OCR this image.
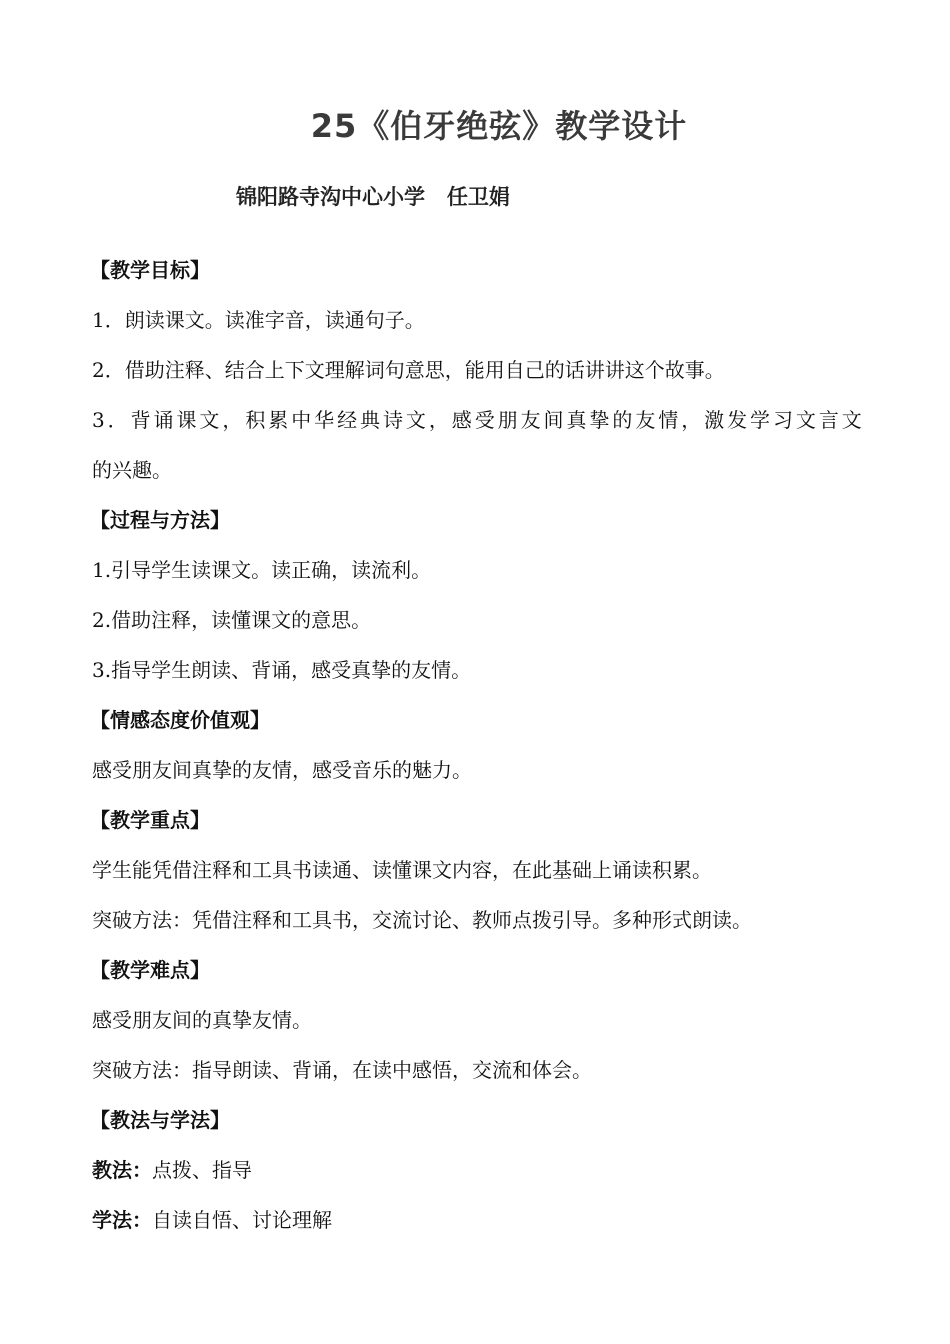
25《伯牙绝弦》教学设计
锦阳路寺沟中心小学   任卫娟
【教学目标】
1．朗读课文。读准字音，读通句子。
2．借助注释、结合上下文理解词句意思，能用自己的话讲讲这个故事。
3．背诵课文，积累中华经典诗文，感受朋友间真挚的友情，激发学习文言文
的兴趣。
【过程与方法】
1.引导学生读课文。读正确，读流利。
2.借助注释，读懂课文的意思。
3.指导学生朗读、背诵，感受真挚的友情。
【情感态度价值观】
感受朋友间真挚的友情，感受音乐的魅力。
【教学重点】
学生能凭借注释和工具书读通、读懂课文内容，在此基础上诵读积累。
突破方法：凭借注释和工具书，交流讨论、教师点拨引导。多种形式朗读。
【教学难点】
感受朋友间的真挚友情。
突破方法：指导朗读、背诵，在读中感悟，交流和体会。
【教法与学法】
教法：点拨、指导
学法：自读自悟、讨论理解
